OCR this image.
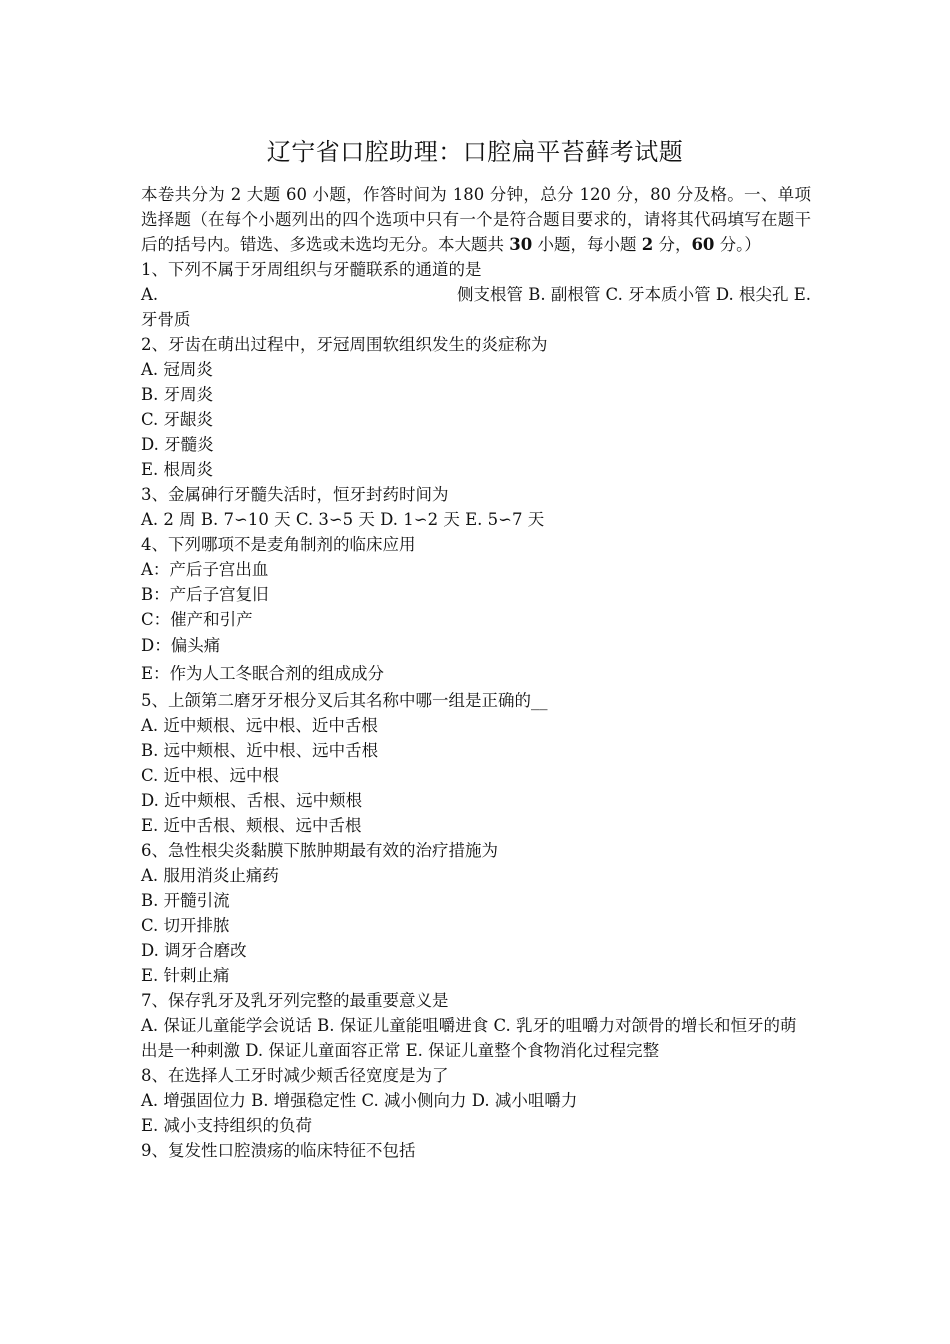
辽宁省口腔助理：口腔扁平苔藓考试题

本卷共分为 2 大题 60 小题，作答时间为 180 分钟，总分 120 分，80 分及格。一、单项选择题（在每个小题列出的四个选项中只有一个是符合题目要求的，请将其代码填写在题干后的括号内。错选、多选或未选均无分。本大题共 30 小题，每小题 2 分，60 分。）

1、下列不属于牙周组织与牙髓联系的通道的是

A.	侧支根管 B. 副根管 C. 牙本质小管 D. 根尖孔 E.

牙骨质

2、牙齿在萌出过程中，牙冠周围软组织发生的炎症称为

A. 冠周炎

B. 牙周炎

C. 牙龈炎

D. 牙髓炎

E. 根周炎

3、金属砷行牙髓失活时，恒牙封药时间为

A. 2 周 B. 7∽10 天 C. 3∽5 天 D. 1∽2 天 E. 5∽7 天

4、下列哪项不是麦角制剂的临床应用

A：产后子宫出血

B：产后子宫复旧

C：催产和引产

D：偏头痛

E：作为人工冬眠合剂的组成成分

5、上颌第二磨牙牙根分叉后其名称中哪一组是正确的__

A. 近中颊根、远中根、近中舌根

B. 远中颊根、近中根、远中舌根

C. 近中根、远中根

D. 近中颊根、舌根、远中颊根

E. 近中舌根、颊根、远中舌根

6、急性根尖炎黏膜下脓肿期最有效的治疗措施为

A. 服用消炎止痛药

B. 开髓引流

C. 切开排脓

D. 调牙合磨改

E. 针刺止痛

7、保存乳牙及乳牙列完整的最重要意义是

A. 保证儿童能学会说话 B. 保证儿童能咀嚼进食 C. 乳牙的咀嚼力对颌骨的增长和恒牙的萌出是一种刺激 D. 保证儿童面容正常 E. 保证儿童整个食物消化过程完整

8、在选择人工牙时减少颊舌径宽度是为了

A. 增强固位力 B. 增强稳定性 C. 减小侧向力 D. 减小咀嚼力

E. 减小支持组织的负荷

9、复发性口腔溃疡的临床特征不包括
